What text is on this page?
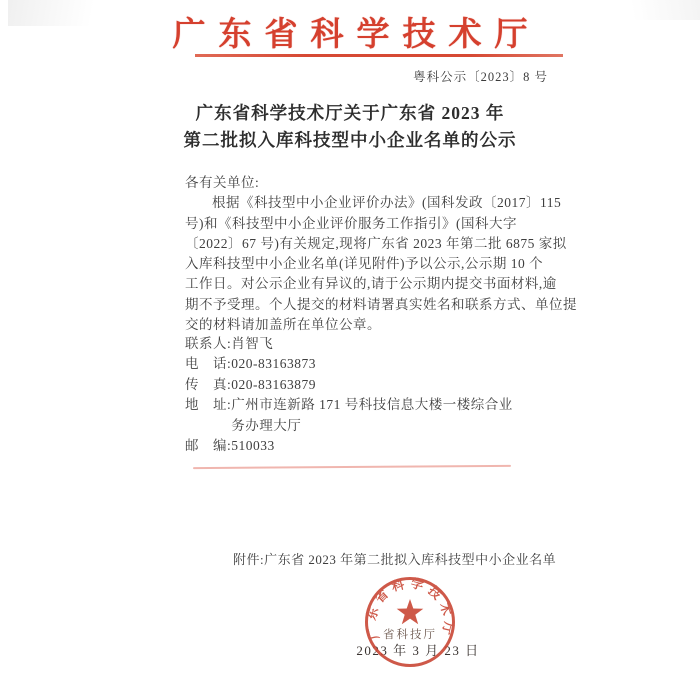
广东省科学技术厅
粤科公示〔2023〕8 号
广东省科学技术厅关于广东省 2023 年
第二批拟入库科技型中小企业名单的公示
各有关单位:
根据《科技型中小企业评价办法》(国科发政〔2017〕115
号)和《科技型中小企业评价服务工作指引》(国科大字
〔2022〕67 号)有关规定,现将广东省 2023 年第二批 6875 家拟
入库科技型中小企业名单(详见附件)予以公示,公示期 10 个
工作日。对公示企业有异议的,请于公示期内提交书面材料,逾
期不予受理。个人提交的材料请署真实姓名和联系方式、单位提
交的材料请加盖所在单位公章。
联系人: 肖智飞
电　话: 020-83163873
传　真: 020-83163879
地　址: 广州市连新路 171 号科技信息大楼一楼综合业务办理大厅
邮　编: 510033
附件:广东省 2023 年第二批拟入库科技型中小企业名单
省科技厅
2023 年 3 月 23 日
广东省科学技术厅
